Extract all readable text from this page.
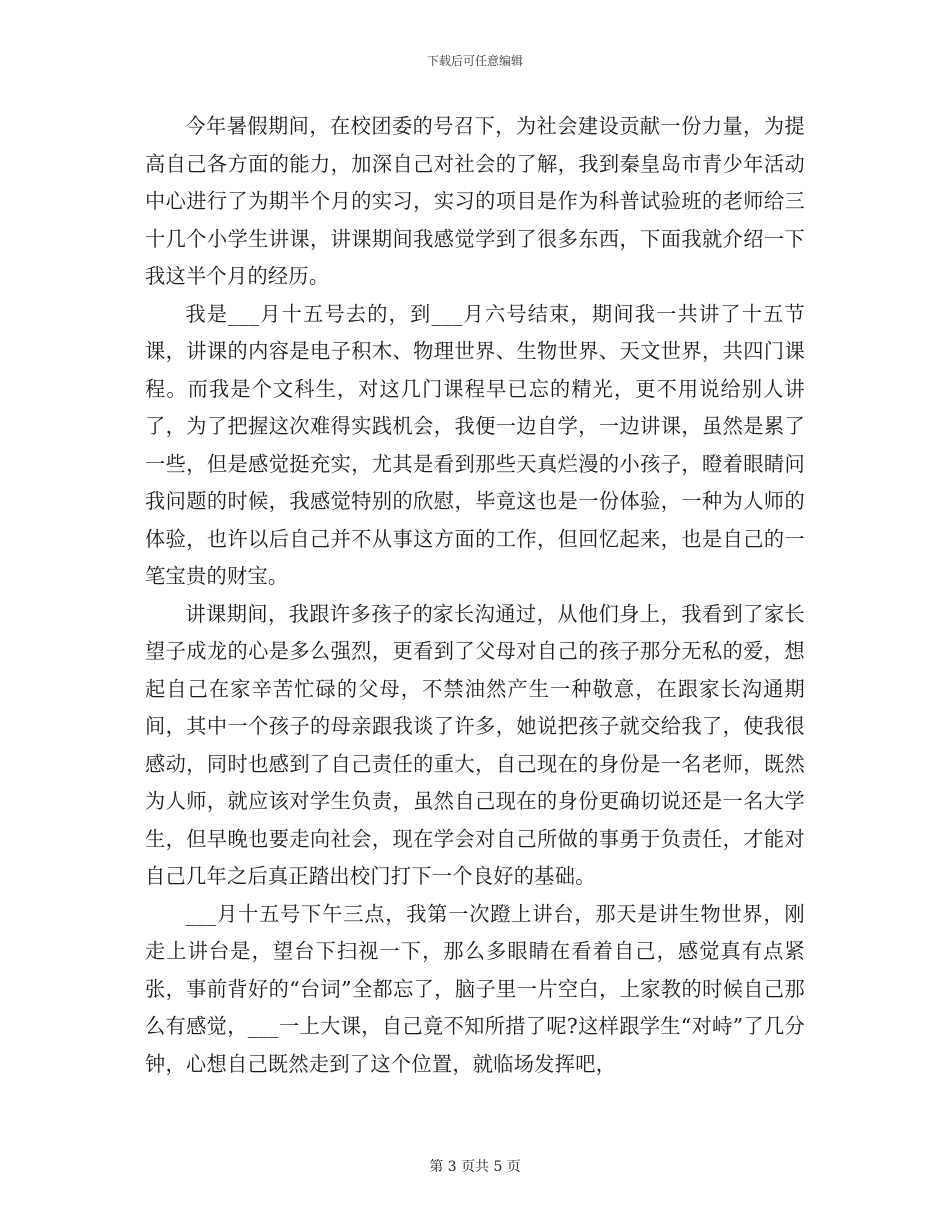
下载后可任意编辑

今年暑假期间，在校团委的号召下，为社会建设贡献一份力量，为提高自己各方面的能力，加深自己对社会的了解，我到秦皇岛市青少年活动中心进行了为期半个月的实习，实习的项目是作为科普试验班的老师给三十几个小学生讲课，讲课期间我感觉学到了很多东西，下面我就介绍一下我这半个月的经历。

我是___月十五号去的，到___月六号结束，期间我一共讲了十五节课，讲课的内容是电子积木、物理世界、生物世界、天文世界，共四门课程。而我是个文科生，对这几门课程早已忘的精光，更不用说给别人讲了，为了把握这次难得实践机会，我便一边自学，一边讲课，虽然是累了一些，但是感觉挺充实，尤其是看到那些天真烂漫的小孩子，瞪着眼睛问我问题的时候，我感觉特别的欣慰，毕竟这也是一份体验，一种为人师的体验，也许以后自己并不从事这方面的工作，但回忆起来，也是自己的一笔宝贵的财宝。

讲课期间，我跟许多孩子的家长沟通过，从他们身上，我看到了家长望子成龙的心是多么强烈，更看到了父母对自己的孩子那分无私的爱，想起自己在家辛苦忙碌的父母，不禁油然产生一种敬意，在跟家长沟通期间，其中一个孩子的母亲跟我谈了许多，她说把孩子就交给我了，使我很感动，同时也感到了自己责任的重大，自己现在的身份是一名老师，既然为人师，就应该对学生负责，虽然自己现在的身份更确切说还是一名大学生，但早晚也要走向社会，现在学会对自己所做的事勇于负责任，才能对自己几年之后真正踏出校门打下一个良好的基础。

___月十五号下午三点，我第一次蹬上讲台，那天是讲生物世界，刚走上讲台是，望台下扫视一下，那么多眼睛在看着自己，感觉真有点紧张，事前背好的“台词”全都忘了，脑子里一片空白，上家教的时候自己那么有感觉，___一上大课，自己竟不知所措了呢?这样跟学生“对峙”了几分钟，心想自己既然走到了这个位置，就临场发挥吧，

第 3 页共 5 页
